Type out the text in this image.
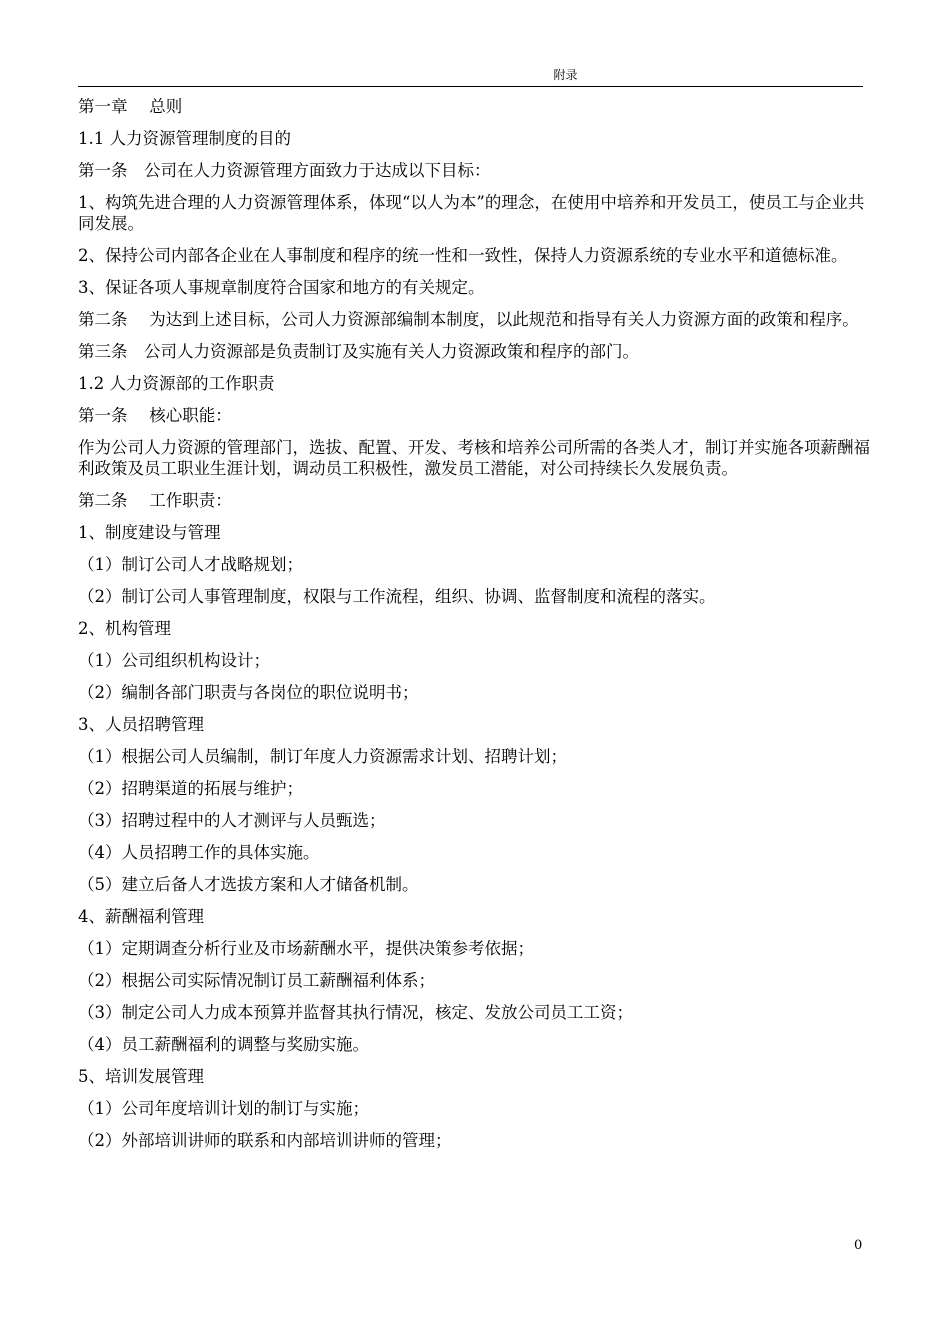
附录

第一章　 总则

1.1 人力资源管理制度的目的

第一条　公司在人力资源管理方面致力于达成以下目标：

1、构筑先进合理的人力资源管理体系，体现“以人为本”的理念，在使用中培养和开发员工，使员工与企业共同发展。

2、保持公司内部各企业在人事制度和程序的统一性和一致性，保持人力资源系统的专业水平和道德标准。

3、保证各项人事规章制度符合国家和地方的有关规定。

第二条　 为达到上述目标，公司人力资源部编制本制度，以此规范和指导有关人力资源方面的政策和程序。

第三条　公司人力资源部是负责制订及实施有关人力资源政策和程序的部门。

1.2 人力资源部的工作职责

第一条　 核心职能：

作为公司人力资源的管理部门，选拔、配置、开发、考核和培养公司所需的各类人才，制订并实施各项薪酬福利政策及员工职业生涯计划，调动员工积极性，激发员工潜能，对公司持续长久发展负责。

第二条　 工作职责：

1、制度建设与管理

（1）制订公司人才战略规划；

（2）制订公司人事管理制度，权限与工作流程，组织、协调、监督制度和流程的落实。

2、机构管理

（1）公司组织机构设计；

（2）编制各部门职责与各岗位的职位说明书；

3、人员招聘管理

（1）根据公司人员编制，制订年度人力资源需求计划、招聘计划；

（2）招聘渠道的拓展与维护；

（3）招聘过程中的人才测评与人员甄选；

（4）人员招聘工作的具体实施。

（5）建立后备人才选拔方案和人才储备机制。

4、薪酬福利管理

（1）定期调查分析行业及市场薪酬水平，提供决策参考依据；

（2）根据公司实际情况制订员工薪酬福利体系；

（3）制定公司人力成本预算并监督其执行情况，核定、发放公司员工工资；

（4）员工薪酬福利的调整与奖励实施。

5、培训发展管理

（1）公司年度培训计划的制订与实施；

（2）外部培训讲师的联系和内部培训讲师的管理；

0
